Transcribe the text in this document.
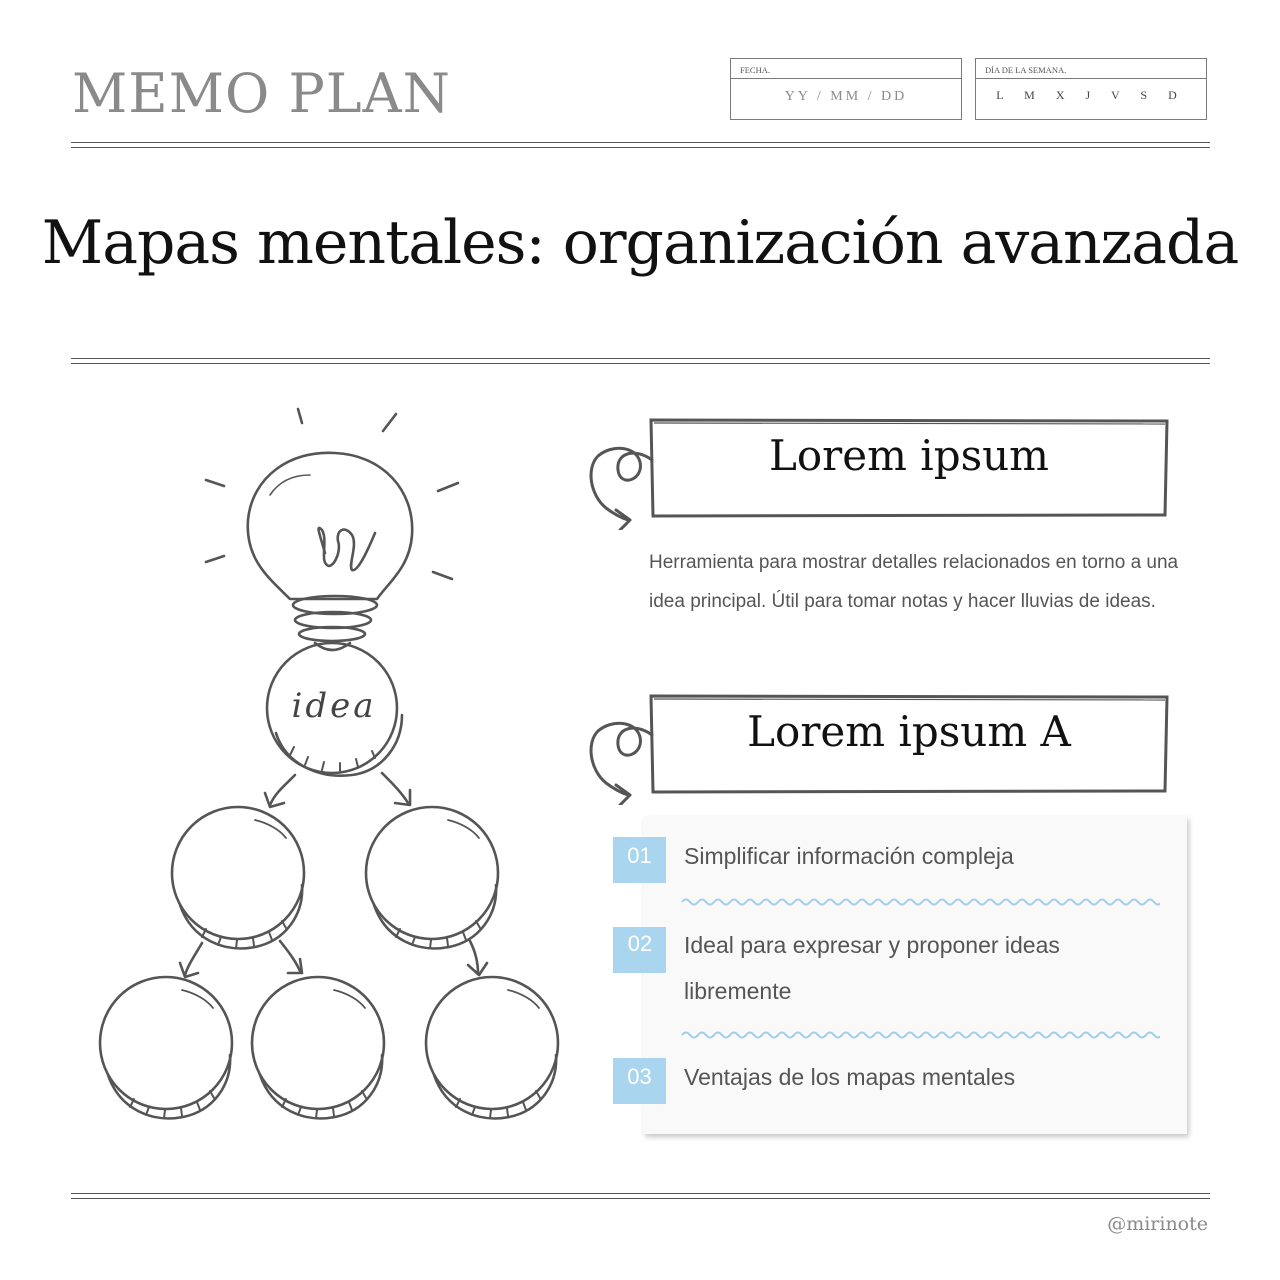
MEMO PLAN	FECHA.
YY / MM / DD
DÍA DE LA SEMANA.
L M X J V S D
Mapas mentales: organización avanzada
idea
Lorem ipsum
Herramienta para mostrar detalles relacionados en torno a una idea principal. Útil para tomar notas y hacer lluvias de ideas.
Lorem ipsum A
01	Simplificar información compleja
02	Ideal para expresar y proponer ideas libremente
03	Ventajas de los mapas mentales
@mirinote
